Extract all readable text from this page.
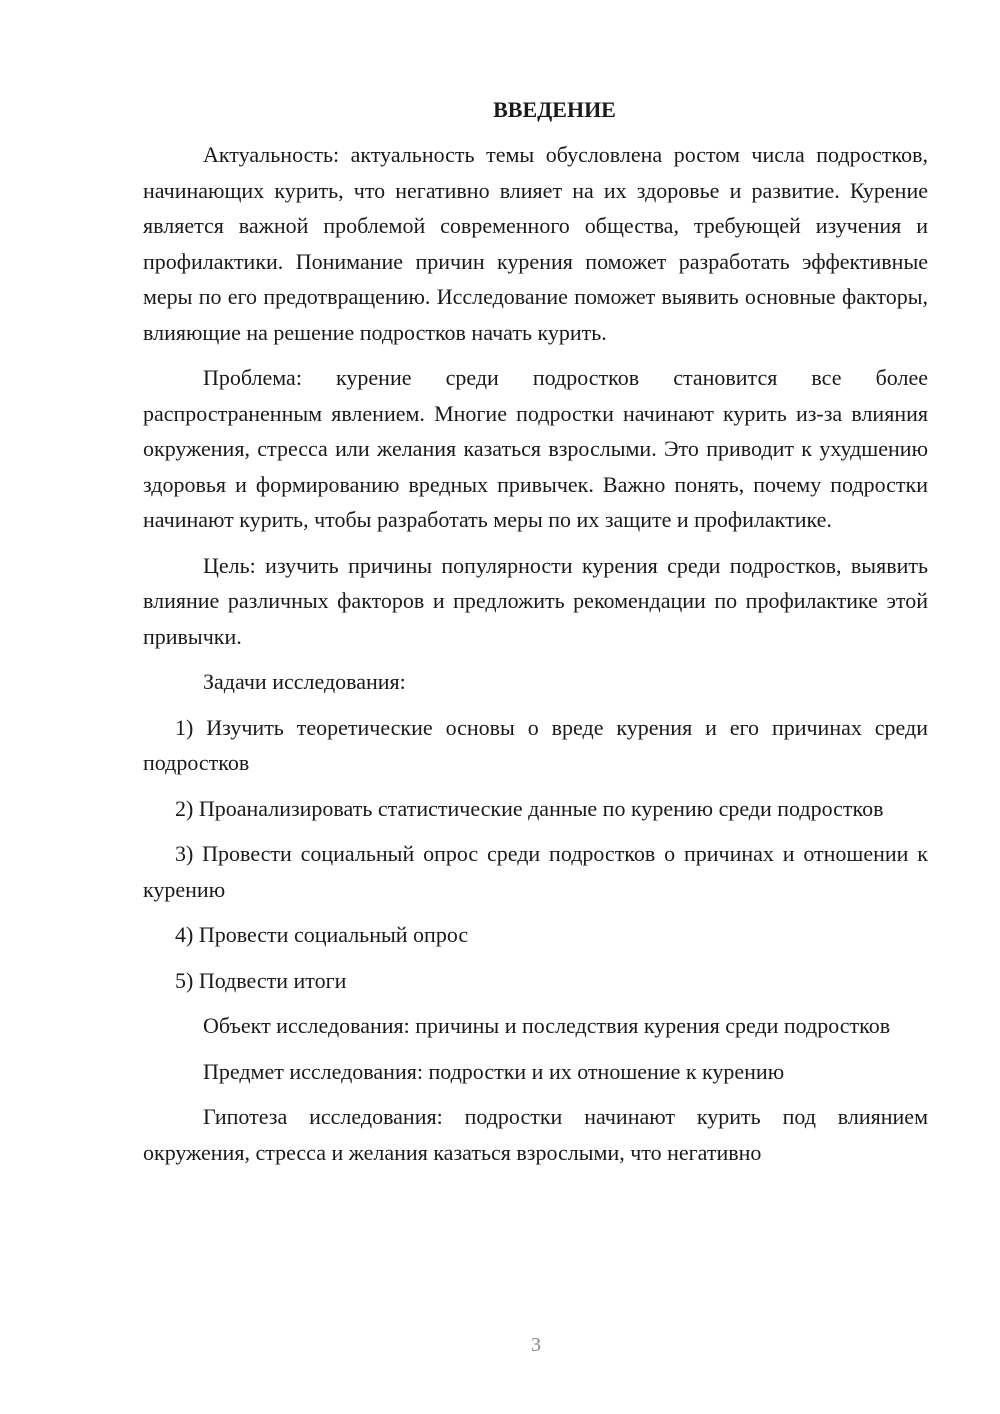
ВВЕДЕНИЕ

Актуальность: актуальность темы обусловлена ростом числа подростков, начинающих курить, что негативно влияет на их здоровье и развитие. Курение является важной проблемой современного общества, требующей изучения и профилактики. Понимание причин курения поможет разработать эффективные меры по его предотвращению. Исследование поможет выявить основные факторы, влияющие на решение подростков начать курить.

Проблема: курение среди подростков становится все более распространенным явлением. Многие подростки начинают курить из-за влияния окружения, стресса или желания казаться взрослыми. Это приводит к ухудшению здоровья и формированию вредных привычек. Важно понять, почему подростки начинают курить, чтобы разработать меры по их защите и профилактике.

Цель: изучить причины популярности курения среди подростков, выявить влияние различных факторов и предложить рекомендации по профилактике этой привычки.

Задачи исследования:

1) Изучить теоретические основы о вреде курения и его причинах среди подростков

2) Проанализировать статистические данные по курению среди подростков

3) Провести социальный опрос среди подростков о причинах и отношении к курению

4) Провести социальный опрос

5) Подвести итоги

Объект исследования: причины и последствия курения среди подростков

Предмет исследования: подростки и их отношение к курению

Гипотеза исследования: подростки начинают курить под влиянием окружения, стресса и желания казаться взрослыми, что негативно

3
